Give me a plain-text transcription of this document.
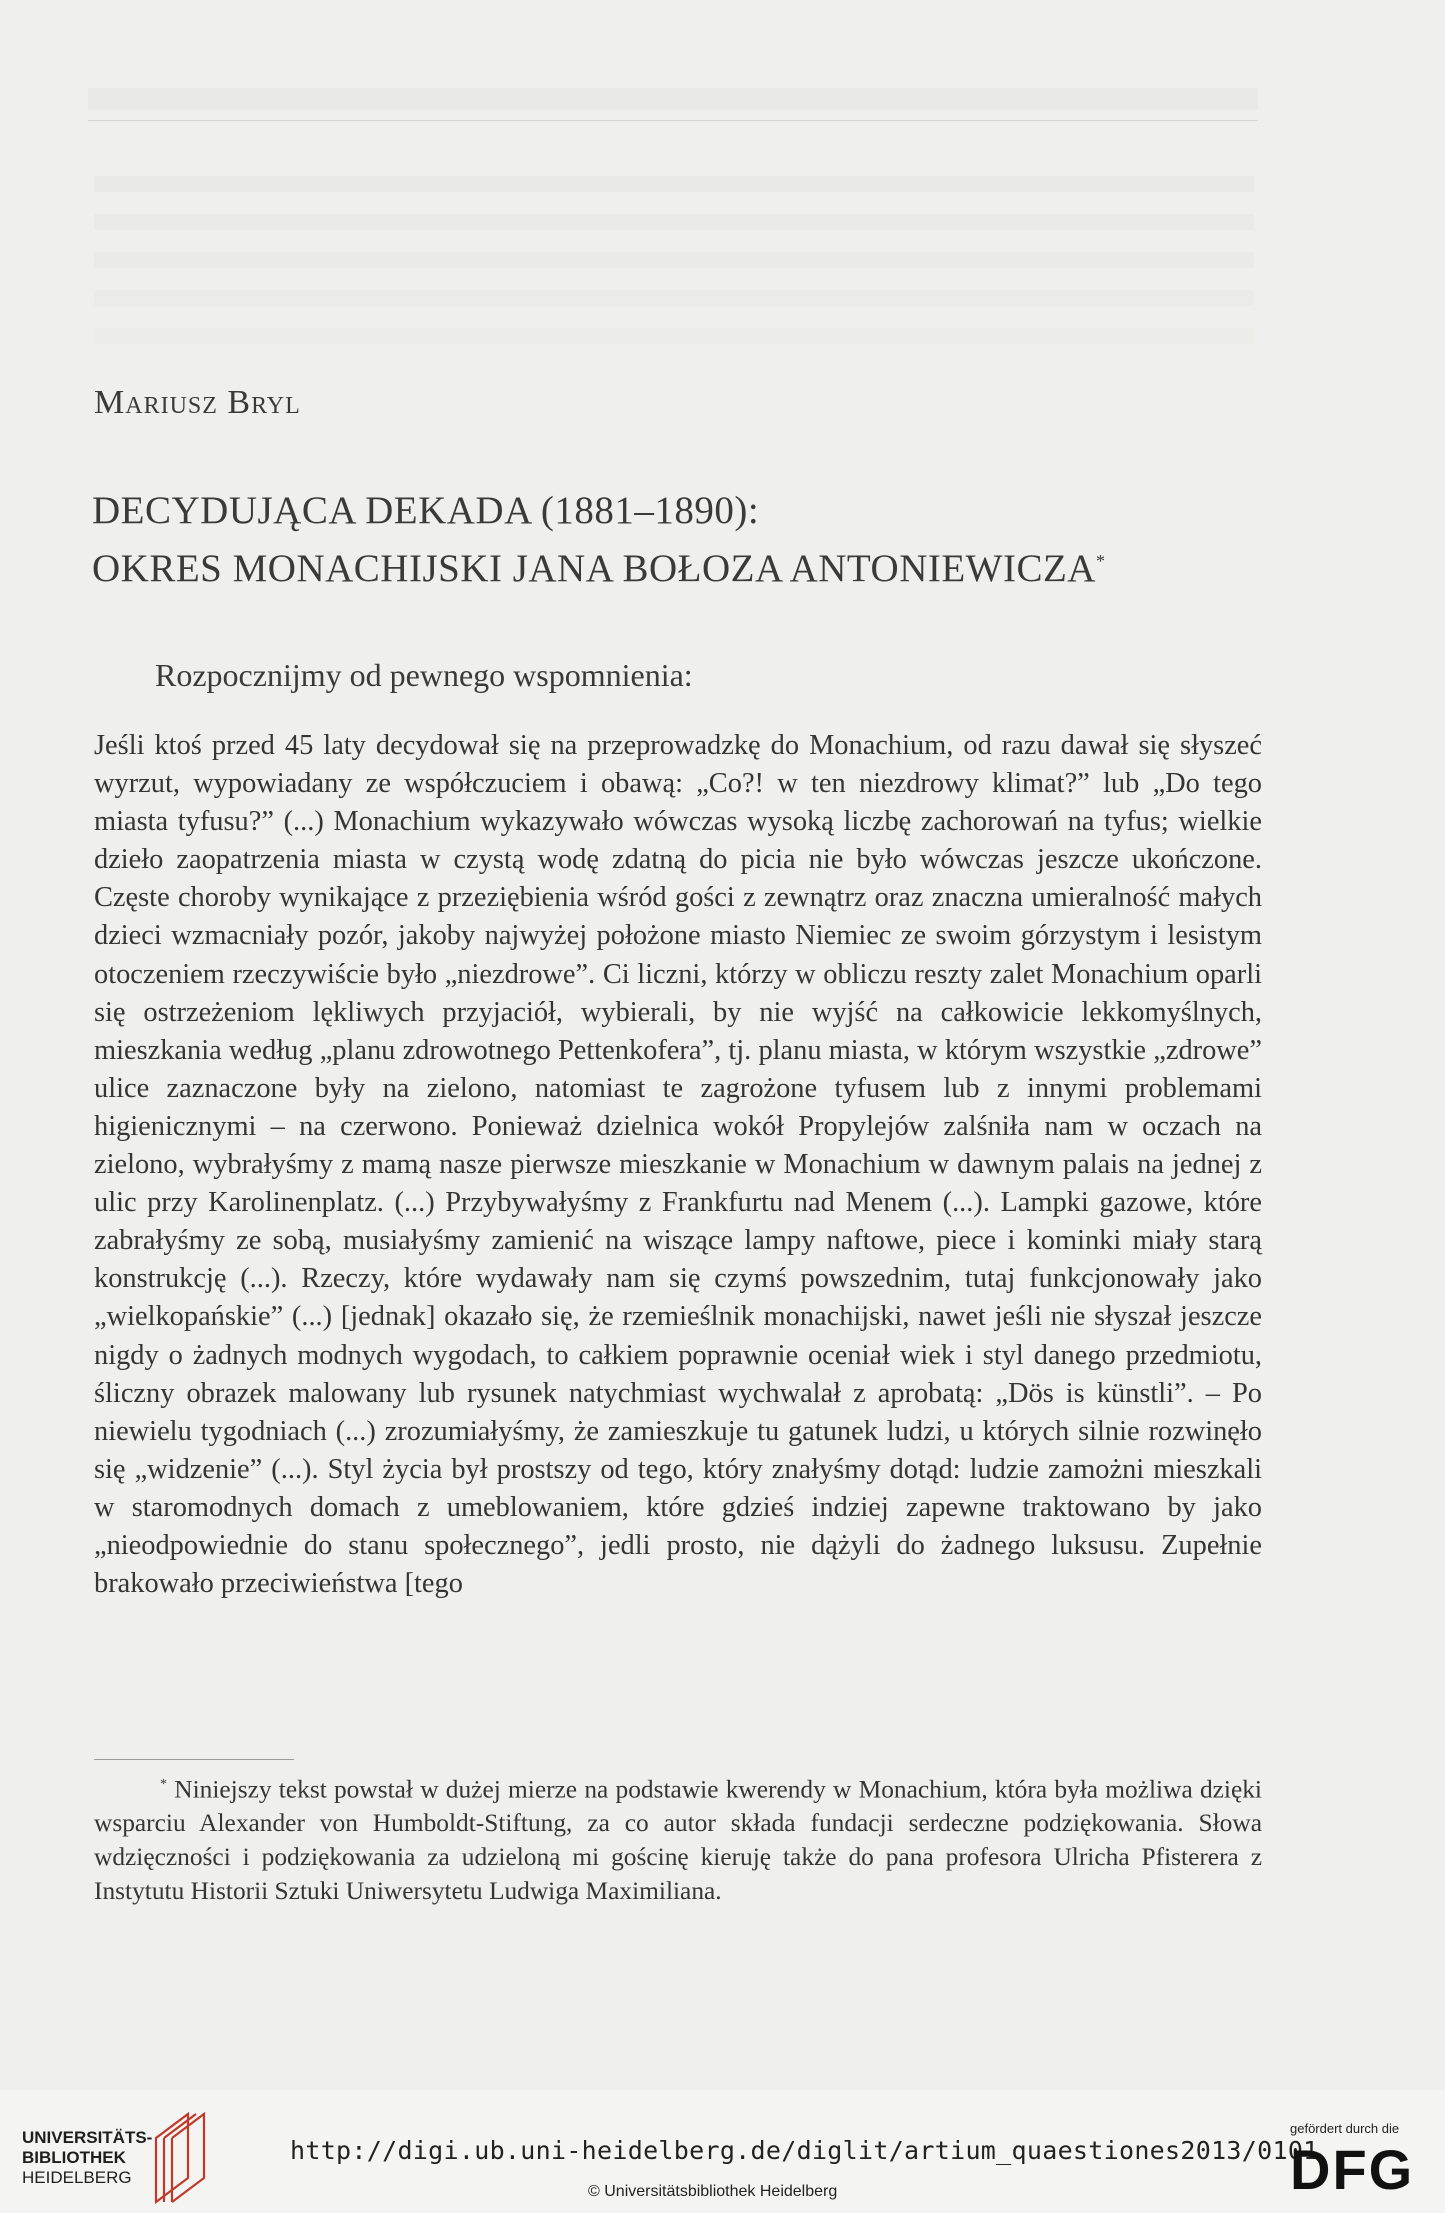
Mariusz Bryl
DECYDUJĄCA DEKADA (1881–1890):
OKRES MONACHIJSKI JANA BOŁOZA ANTONIEWICZA*
Rozpocznijmy od pewnego wspomnienia:
Jeśli ktoś przed 45 laty decydował się na przeprowadzkę do Monachium, od razu dawał się słyszeć wyrzut, wypowiadany ze współczuciem i obawą: „Co?! w ten niezdrowy klimat?” lub „Do tego miasta tyfusu?” (...) Monachium wykazywało wówczas wysoką liczbę zachorowań na tyfus; wielkie dzieło zaopatrzenia miasta w czystą wodę zdatną do picia nie było wówczas jeszcze ukończone. Częste choroby wynikające z przeziębienia wśród gości z zewnątrz oraz znaczna umieralność małych dzieci wzmacniały pozór, jakoby najwyżej położone miasto Niemiec ze swoim górzystym i lesistym otoczeniem rzeczywiście było „niezdrowe”. Ci liczni, którzy w obliczu reszty zalet Monachium oparli się ostrzeżeniom lękliwych przyjaciół, wybierali, by nie wyjść na całkowicie lekkomyślnych, mieszkania według „planu zdrowotnego Pettenkofera”, tj. planu miasta, w którym wszystkie „zdrowe” ulice zaznaczone były na zielono, natomiast te zagrożone tyfusem lub z innymi problemami higienicznymi – na czerwono. Ponieważ dzielnica wokół Propylejów zalśniła nam w oczach na zielono, wybrałyśmy z mamą nasze pierwsze mieszkanie w Monachium w dawnym palais na jednej z ulic przy Karolinenplatz. (...) Przybywałyśmy z Frankfurtu nad Menem (...). Lampki gazowe, które zabrałyśmy ze sobą, musiałyśmy zamienić na wiszące lampy naftowe, piece i kominki miały starą konstrukcję (...). Rzeczy, które wydawały nam się czymś powszednim, tutaj funkcjonowały jako „wielkopańskie” (...) [jednak] okazało się, że rzemieślnik monachijski, nawet jeśli nie słyszał jeszcze nigdy o żadnych modnych wygodach, to całkiem poprawnie oceniał wiek i styl danego przedmiotu, śliczny obrazek malowany lub rysunek natychmiast wychwalał z aprobatą: „Dös is künstli”. – Po niewielu tygodniach (...) zrozumiałyśmy, że zamieszkuje tu gatunek ludzi, u których silnie rozwinęło się „widzenie” (...). Styl życia był prostszy od tego, który znałyśmy dotąd: ludzie zamożni mieszkali w staromodnych domach z umeblowaniem, które gdzieś indziej zapewne traktowano by jako „nieodpowiednie do stanu społecznego”, jedli prosto, nie dążyli do żadnego luksusu. Zupełnie brakowało przeciwieństwa [tego
* Niniejszy tekst powstał w dużej mierze na podstawie kwerendy w Monachium, która była możliwa dzięki wsparciu Alexander von Humboldt-Stiftung, za co autor składa fundacji serdeczne podziękowania. Słowa wdzięczności i podziękowania za udzieloną mi gościnę kieruję także do pana profesora Ulricha Pfisterera z Instytutu Historii Sztuki Uniwersytetu Ludwiga Maximiliana.
UNIVERSITÄTS-
BIBLIOTHEK
HEIDELBERG
http://digi.ub.uni-heidelberg.de/diglit/artium_quaestiones2013/0101
© Universitätsbibliothek Heidelberg
gefördert durch die
DFG
